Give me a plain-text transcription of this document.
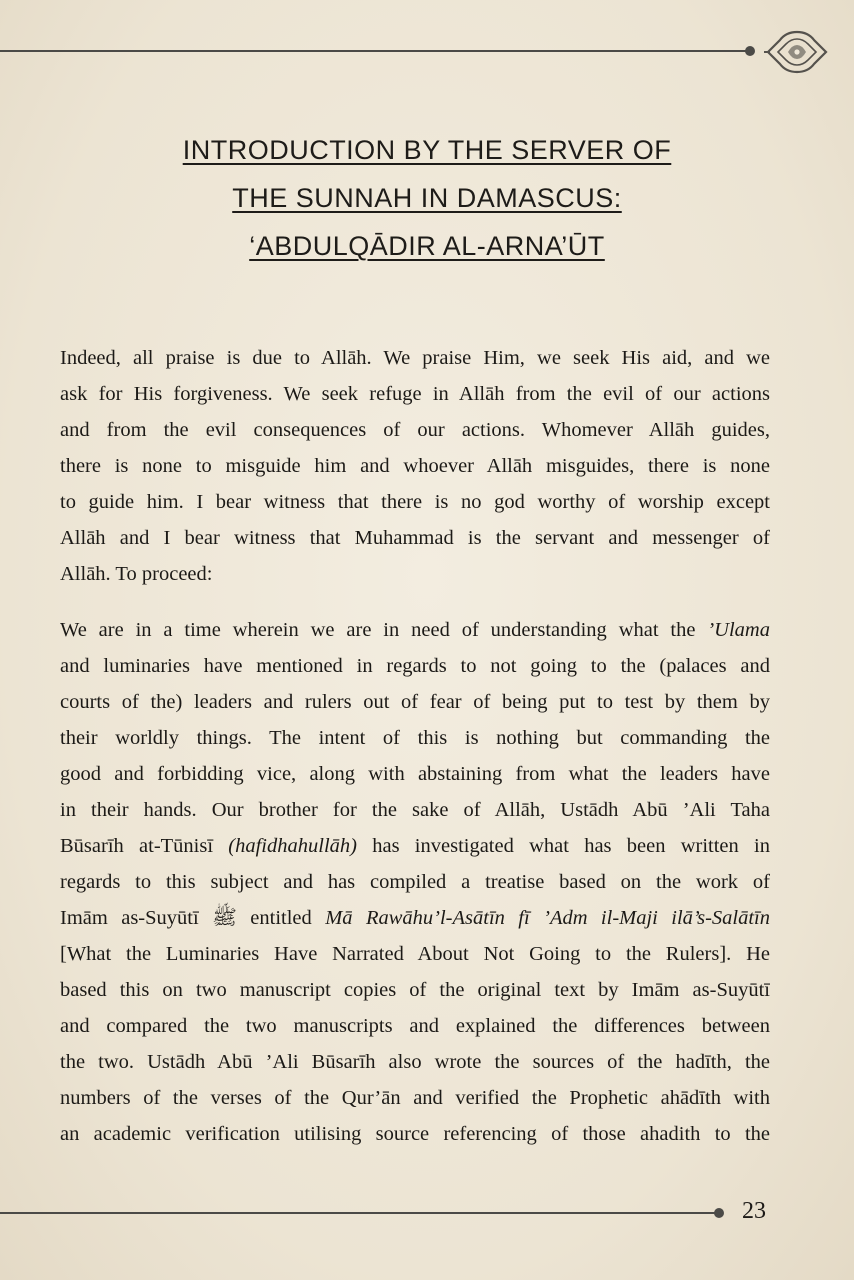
INTRODUCTION BY THE SERVER OF
THE SUNNAH IN DAMASCUS:
‘ABDULQĀDIR AL-ARNA’ŪT
Indeed, all praise is due to Allāh. We praise Him, we seek His aid, and we
ask for His forgiveness. We seek refuge in Allāh from the evil of our actions
and from the evil consequences of our actions. Whomever Allāh guides,
there is none to misguide him and whoever Allāh misguides, there is none
to guide him. I bear witness that there is no god worthy of worship except
Allāh and I bear witness that Muhammad is the servant and messenger of
Allāh. To proceed:
We are in a time wherein we are in need of understanding what the ’Ulama
and luminaries have mentioned in regards to not going to the (palaces and
courts of the) leaders and rulers out of fear of being put to test by them by
their worldly things. The intent of this is nothing but commanding the
good and forbidding vice, along with abstaining from what the leaders have
in their hands. Our brother for the sake of Allāh, Ustādh Abū ’Ali Taha
Būsarīh at-Tūnisī (hafidhahullāh) has investigated what has been written in
regards to this subject and has compiled a treatise based on the work of
Imām as-Suyūtī ﷺ entitled Mā Rawāhu’l-Asātīn fī ’Adm il-Maji ilā’s-Salātīn
[What the Luminaries Have Narrated About Not Going to the Rulers]. He
based this on two manuscript copies of the original text by Imām as-Suyūtī
and compared the two manuscripts and explained the differences between
the two. Ustādh Abū ’Ali Būsarīh also wrote the sources of the hadīth, the
numbers of the verses of the Qur’ān and verified the Prophetic ahādīth with
an academic verification utilising source referencing of those ahadith to the
23
